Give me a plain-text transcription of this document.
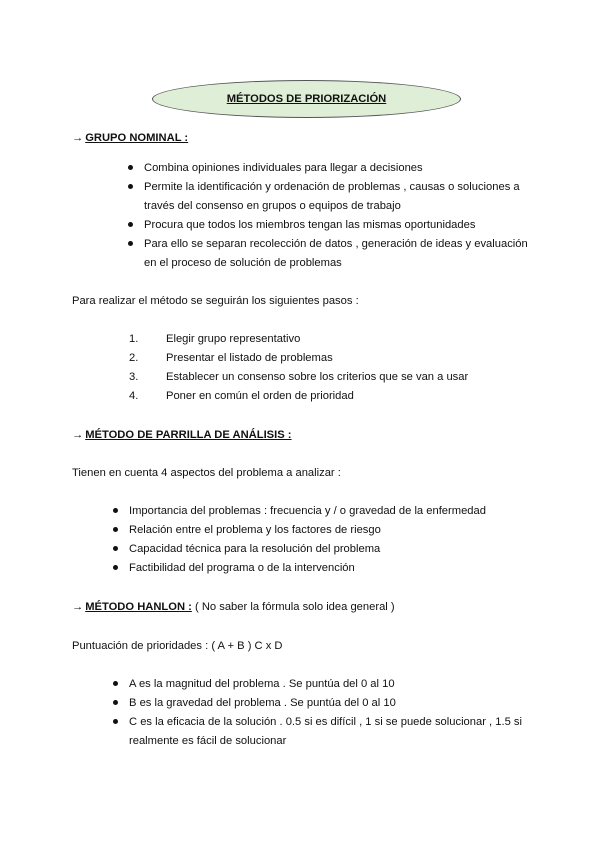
MÉTODOS DE PRIORIZACIÓN
→ GRUPO NOMINAL :
Combina opiniones individuales para llegar a decisiones
Permite la identificación y ordenación de problemas , causas o soluciones a
través del consenso en grupos o equipos de trabajo
Procura que todos los miembros tengan las mismas oportunidades
Para ello se separan recolección de datos , generación de ideas y evaluación
en el proceso de solución de problemas
Para realizar el método se seguirán los siguientes pasos :
1. Elegir grupo representativo
2. Presentar el listado de problemas
3. Establecer un consenso sobre los criterios que se van a usar
4. Poner en común el orden de prioridad
→ MÉTODO DE PARRILLA DE ANÁLISIS :
Tienen en cuenta 4 aspectos del problema a analizar :
Importancia del problemas : frecuencia y / o gravedad de la enfermedad
Relación entre el problema y los factores de riesgo
Capacidad técnica para la resolución del problema
Factibilidad del programa o de la intervención
→ MÉTODO HANLON : ( No saber la fórmula solo idea general )
Puntuación de prioridades : ( A + B ) C x D
A es la magnitud del problema . Se puntúa del 0 al 10
B es la gravedad del problema . Se puntúa del 0 al 10
C es la eficacia de la solución . 0.5 si es difícil , 1 si se puede solucionar , 1.5 si
realmente es fácil de solucionar
